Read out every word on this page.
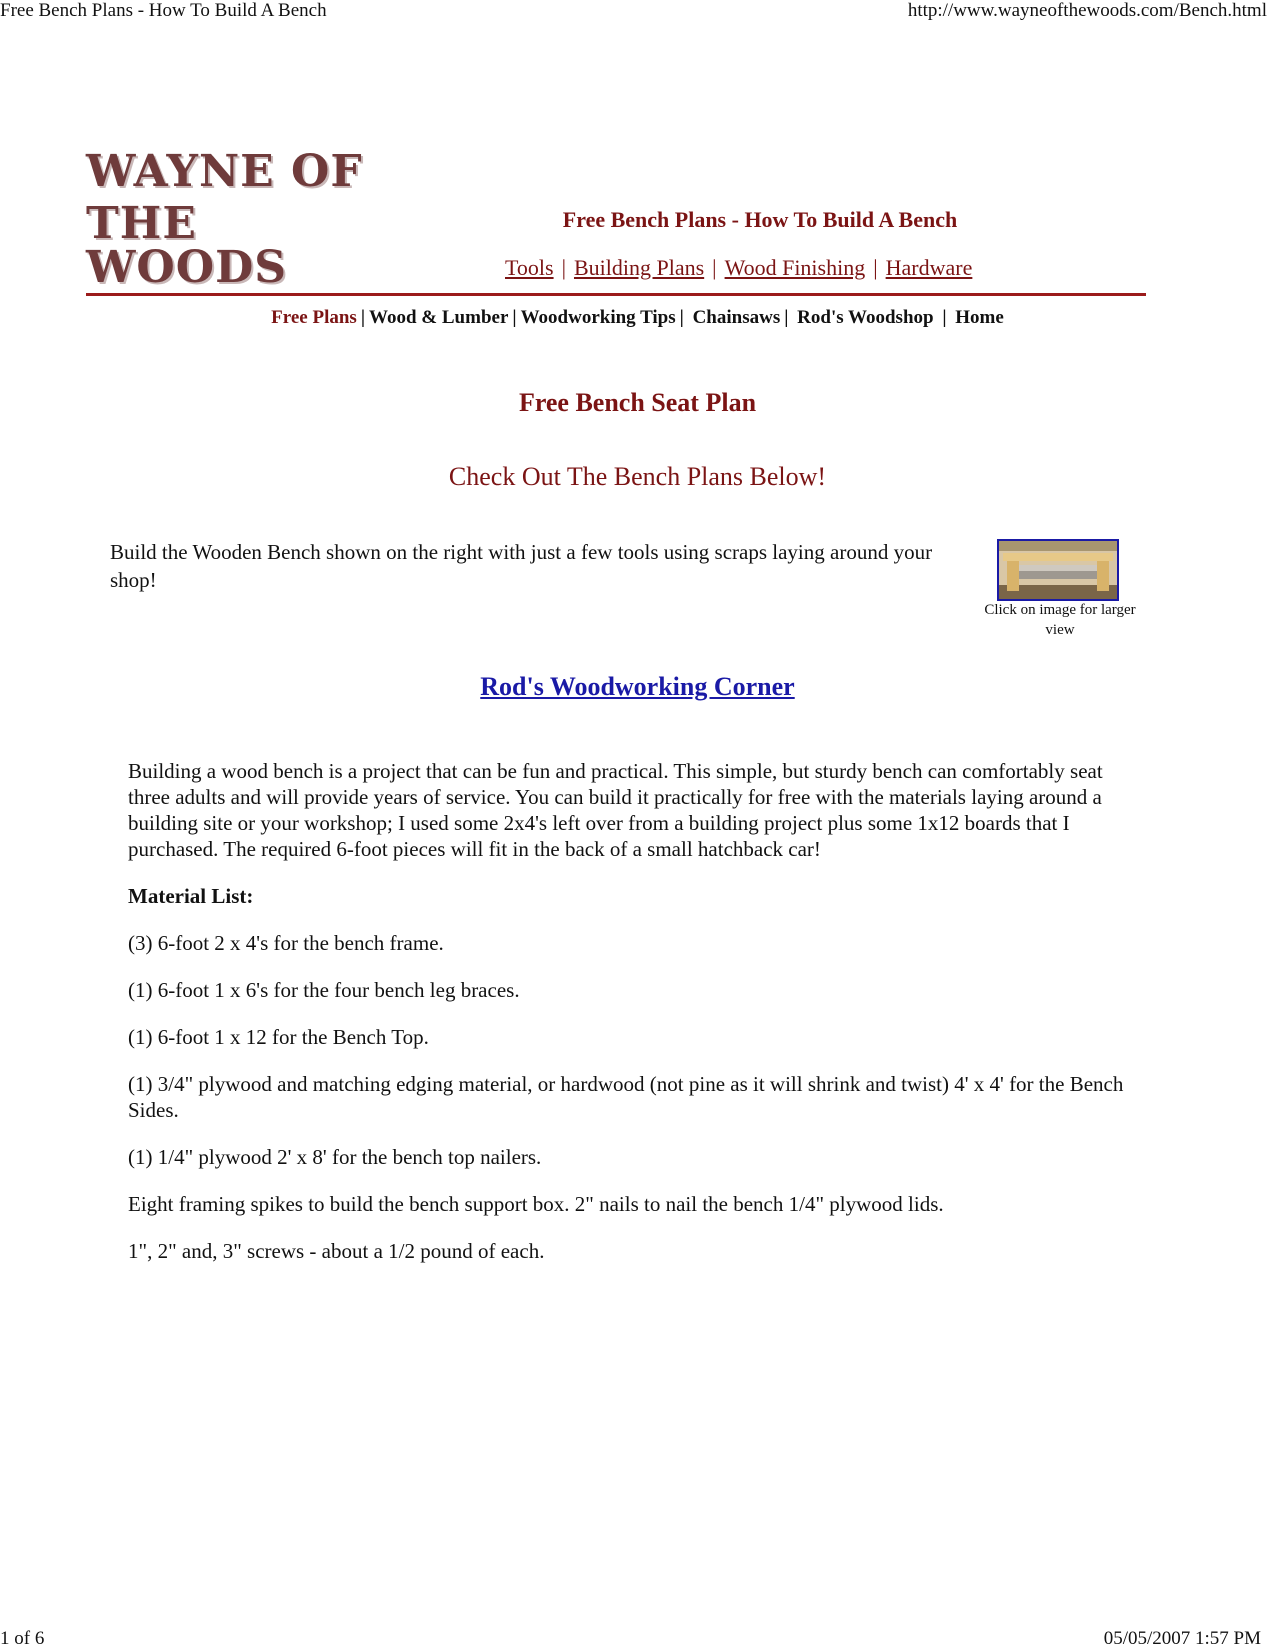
Free Bench Plans - How To Build A Bench	http://www.wayneofthewoods.com/Bench.html
WAYNE OF
THE WOODS
Free Bench Plans - How To Build A Bench
Tools | Building Plans | Wood Finishing | Hardware
Free Plans | Wood & Lumber | Woodworking Tips | Chainsaws | Rod's Woodshop | Home
Free Bench Seat Plan
Check Out The Bench Plans Below!
Build the Wooden Bench shown on the right with just a few tools using scraps laying around your shop!
Click on image for larger view
Rod's Woodworking Corner

Building a wood bench is a project that can be fun and practical. This simple, but sturdy bench can comfortably seat three adults and will provide years of service. You can build it practically for free with the materials laying around a building site or your workshop; I used some 2x4's left over from a building project plus some 1x12 boards that I purchased. The required 6-foot pieces will fit in the back of a small hatchback car!

Material List:

(3) 6-foot 2 x 4's for the bench frame.

(1) 6-foot 1 x 6's for the four bench leg braces.

(1) 6-foot 1 x 12 for the Bench Top.

(1) 3/4" plywood and matching edging material, or hardwood (not pine as it will shrink and twist) 4' x 4' for the Bench Sides.

(1) 1/4" plywood 2' x 8' for the bench top nailers.

Eight framing spikes to build the bench support box. 2" nails to nail the bench 1/4" plywood lids.

1", 2" and, 3" screws - about a 1/2 pound of each.

1 of 6	05/05/2007 1:57 PM
